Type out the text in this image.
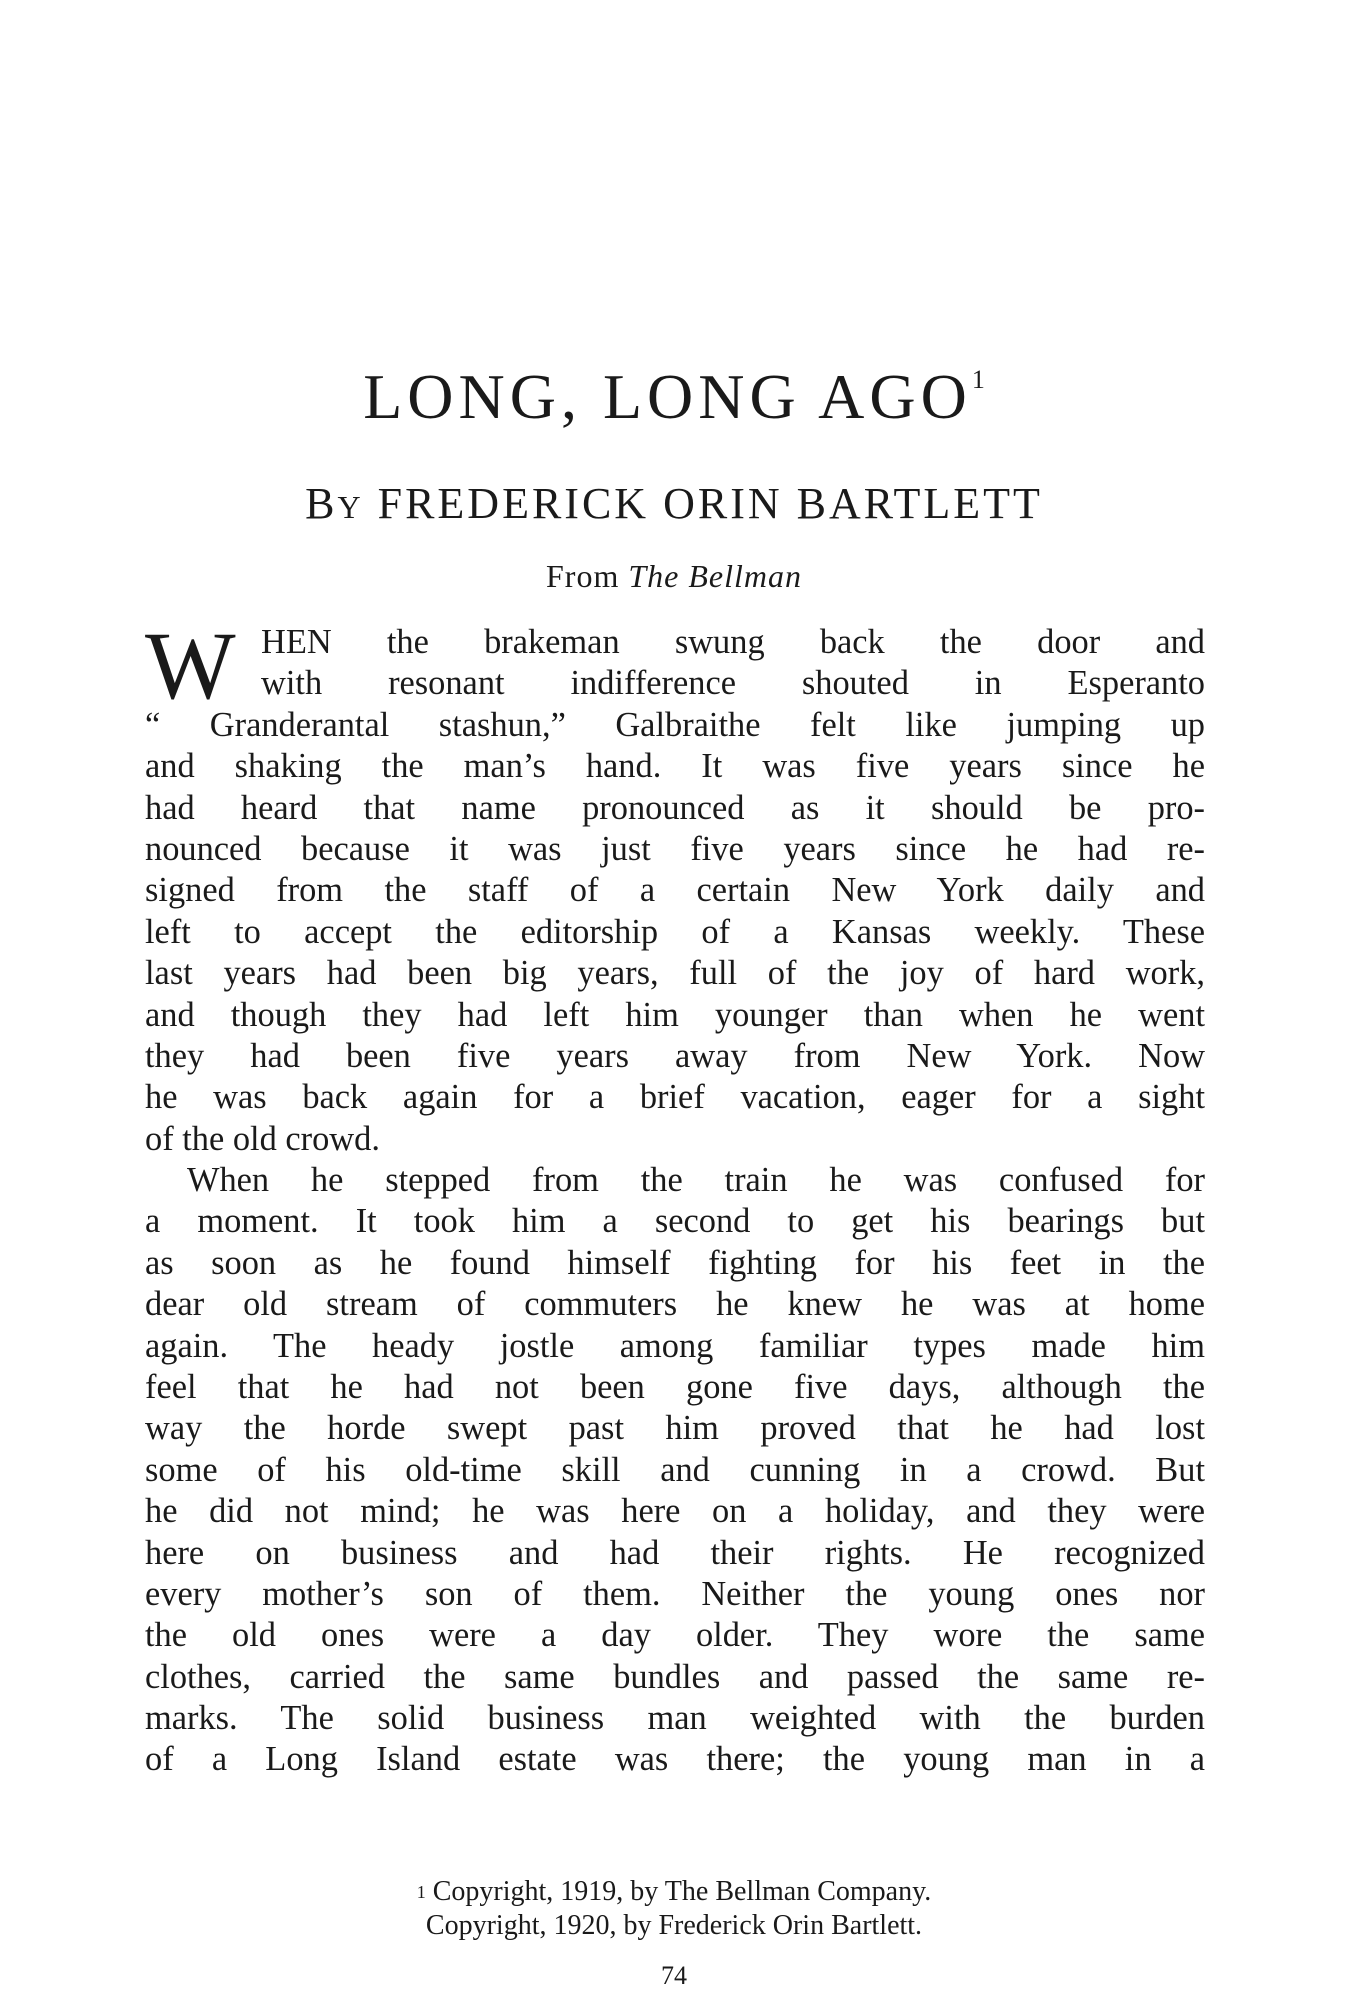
LONG, LONG AGO$^1$
BY FREDERICK ORIN BARTLETT
From The Bellman
W HEN the brakeman swung back the door and
with resonant indifference shouted in Esperanto
“ Granderantal stashun,” Galbraithe felt like jumping up
and shaking the man’s hand. It was five years since he
had heard that name pronounced as it should be pro-
nounced because it was just five years since he had re-
signed from the staff of a certain New York daily and
left to accept the editorship of a Kansas weekly. These
last years had been big years, full of the joy of hard work,
and though they had left him younger than when he went
they had been five years away from New York. Now
he was back again for a brief vacation, eager for a sight
of the old crowd.
When he stepped from the train he was confused for
a moment. It took him a second to get his bearings but
as soon as he found himself fighting for his feet in the
dear old stream of commuters he knew he was at home
again. The heady jostle among familiar types made him
feel that he had not been gone five days, although the
way the horde swept past him proved that he had lost
some of his old-time skill and cunning in a crowd. But
he did not mind; he was here on a holiday, and they were
here on business and had their rights. He recognized
every mother’s son of them. Neither the young ones nor
the old ones were a day older. They wore the same
clothes, carried the same bundles and passed the same re-
marks. The solid business man weighted with the burden
of a Long Island estate was there; the young man in a
$^1$ Copyright, 1919, by The Bellman Company.
Copyright, 1920, by Frederick Orin Bartlett.
74
